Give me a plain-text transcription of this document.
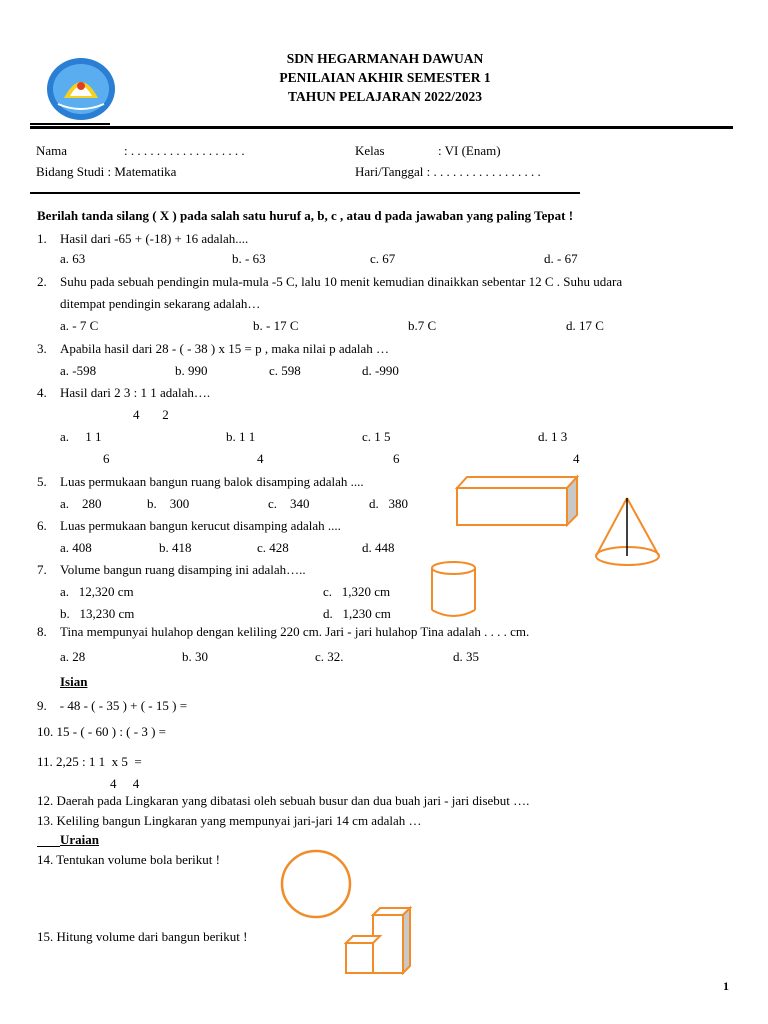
SDN HEGARMANAH DAWUAN
PENILAIAN AKHIR SEMESTER 1
TAHUN PELAJARAN 2022/2023
Nama	: . . . . . . . . . . . . . . . . . .	Kelas	: VI (Enam)
Bidang Studi : Matematika	Hari/Tanggal : . . . . . . . . . . . . . . . . .
Berilah tanda silang ( X ) pada salah satu huruf a, b, c , atau d pada jawaban yang paling Tepat !
1. Hasil dari -65 + (-18) + 16 adalah....
a. 63	b. - 63	c. 67	d. - 67
2. Suhu pada sebuah pendingin mula-mula -5 C, lalu 10 menit kemudian dinaikkan sebentar 12 C . Suhu udara
ditempat pendingin sekarang adalah…
a. - 7 C	b. - 17 C	b.7 C	d. 17 C
3. Apabila hasil dari 28 - ( - 38 ) x 15 = p , maka nilai p adalah …
a. -598	b. 990	c. 598	d. -990
4. Hasil dari 2 3 : 1 1 adalah….
4       2
a.     1 1	b. 1 1	c. 1 5	d. 1 3
6	4	6	4
5. Luas permukaan bangun ruang balok disamping adalah ....
a.    280	b.    300	c.    340	d.   380
6. Luas permukaan bangun kerucut disamping adalah ....
a. 408	b. 418	c. 428	d. 448
7. Volume bangun ruang disamping ini adalah…..
a.   12,320 cm	c.   1,320 cm
b.   13,230 cm	d.   1,230 cm
8. Tina mempunyai hulahop dengan keliling 220 cm. Jari - jari hulahop Tina adalah . . . . cm.
a. 28	b. 30	c. 32.	d. 35
Isian
9.    - 48 - ( - 35 ) + ( - 15 ) =
10. 15 - ( - 60 ) : ( - 3 ) =
11. 2,25 : 1 1  x 5  =
4     4
12. Daerah pada Lingkaran yang dibatasi oleh sebuah busur dan dua buah jari - jari disebut ….
13. Keliling bangun Lingkaran yang mempunyai jari-jari 14 cm adalah …
Uraian
14. Tentukan volume bola berikut !
15. Hitung volume dari bangun berikut !
1
